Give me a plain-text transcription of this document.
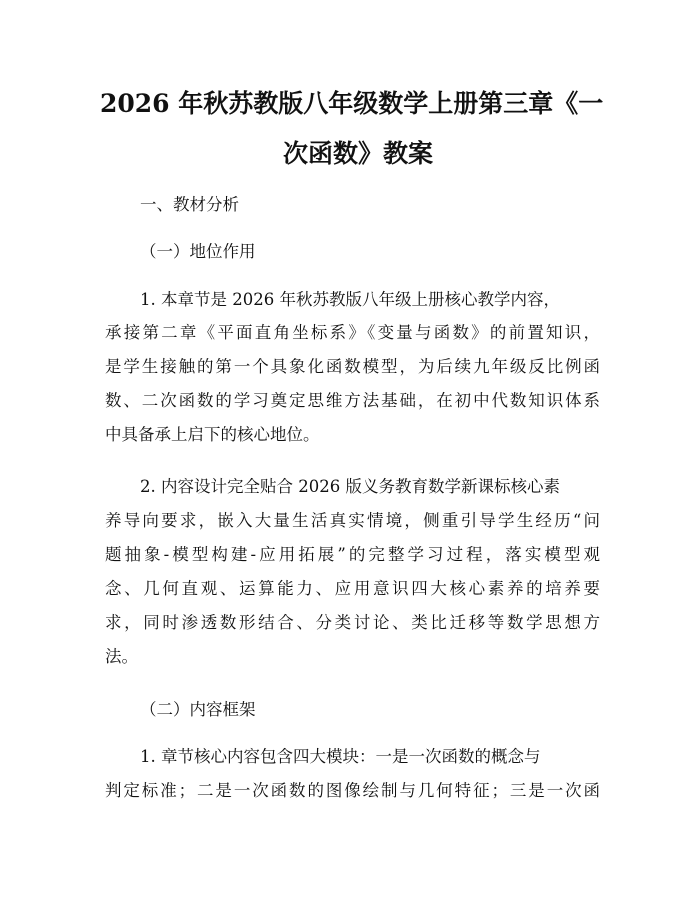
2026 年秋苏教版八年级数学上册第三章《一
次函数》教案

一、教材分析

（一）地位作用

1. 本章节是 2026 年秋苏教版八年级上册核心教学内容，

承接第二章《平面直角坐标系》《变量与函数》的前置知识，

是学生接触的第一个具象化函数模型，为后续九年级反比例函

数、二次函数的学习奠定思维方法基础，在初中代数知识体系

中具备承上启下的核心地位。

2. 内容设计完全贴合 2026 版义务教育数学新课标核心素

养导向要求，嵌入大量生活真实情境，侧重引导学生经历“问

题抽象-模型构建-应用拓展”的完整学习过程，落实模型观

念、几何直观、运算能力、应用意识四大核心素养的培养要

求，同时渗透数形结合、分类讨论、类比迁移等数学思想方

法。

（二）内容框架

1. 章节核心内容包含四大模块：一是一次函数的概念与

判定标准；二是一次函数的图像绘制与几何特征；三是一次函
